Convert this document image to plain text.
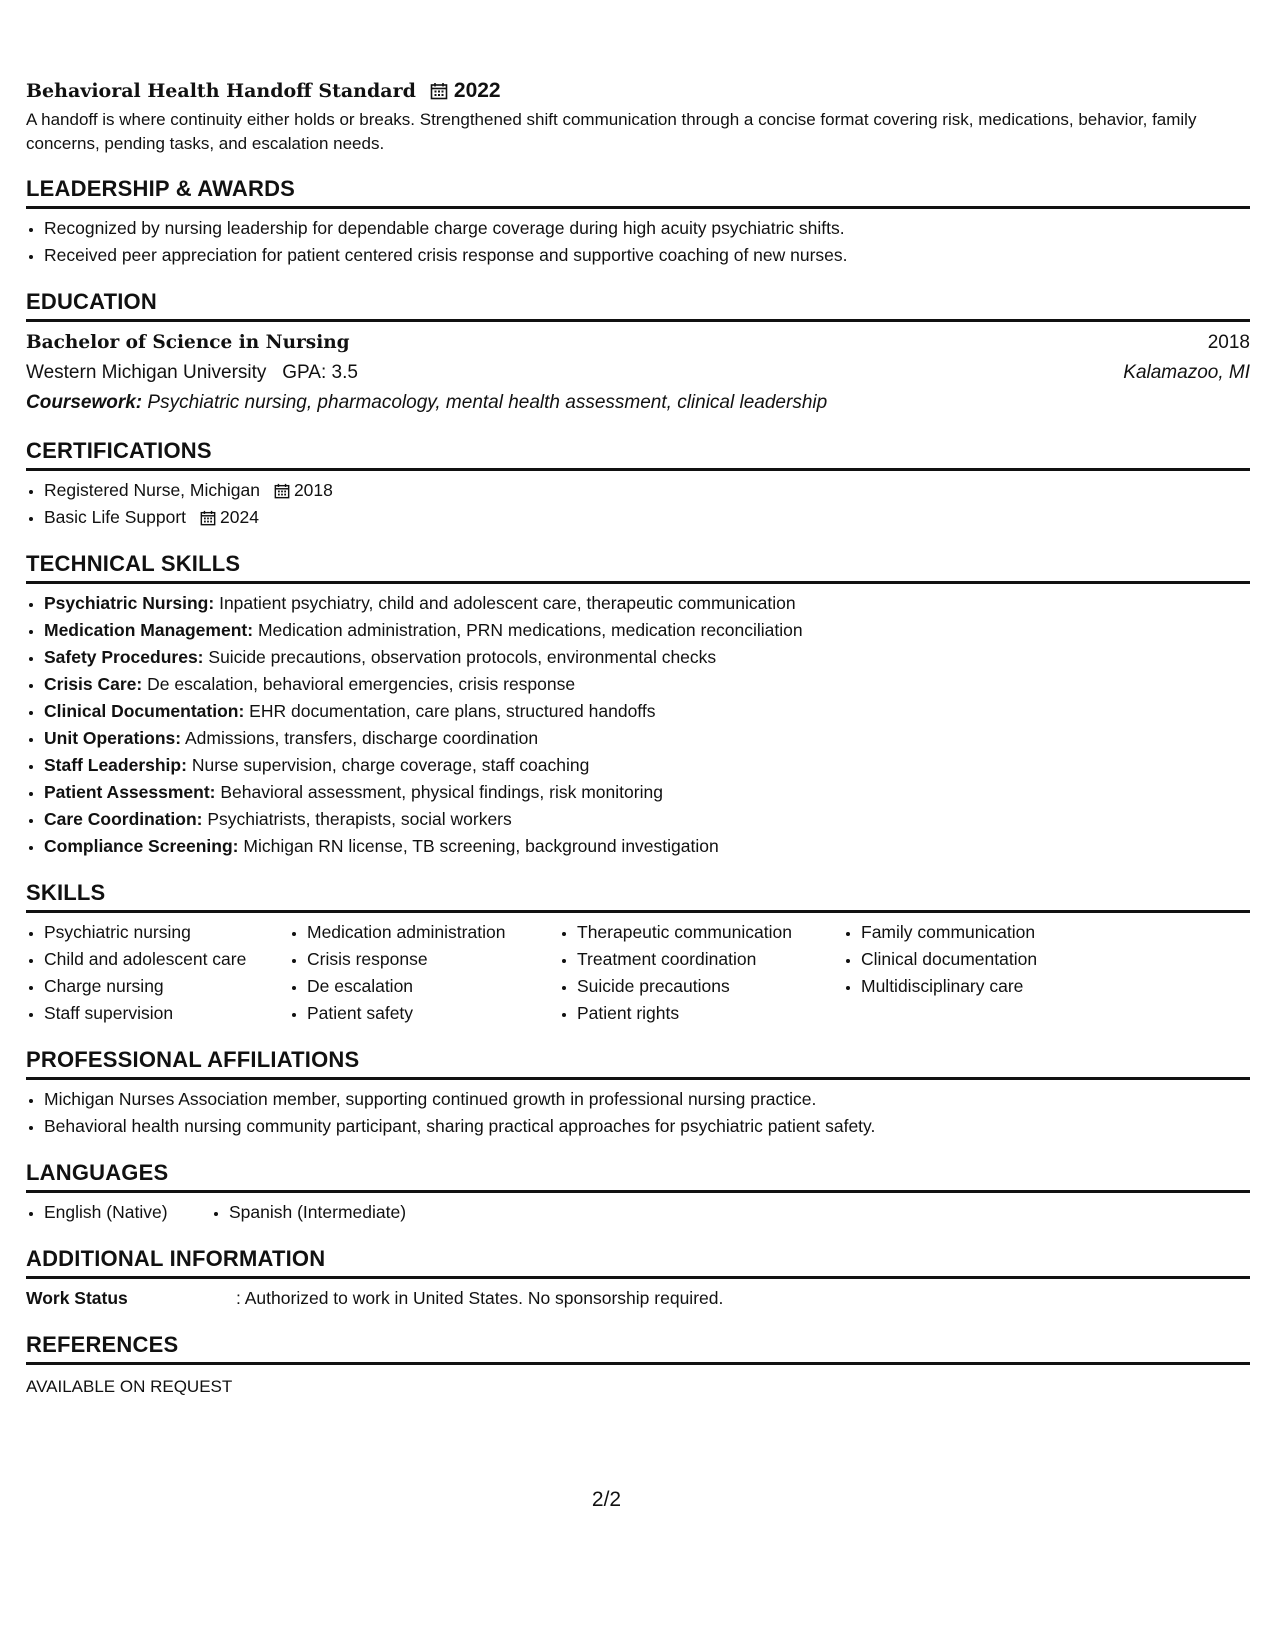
Behavioral Health Handoff Standard 2022
A handoff is where continuity either holds or breaks. Strengthened shift communication through a concise format covering risk, medications, behavior, family concerns, pending tasks, and escalation needs.
LEADERSHIP & AWARDS
• Recognized by nursing leadership for dependable charge coverage during high acuity psychiatric shifts.
• Received peer appreciation for patient centered crisis response and supportive coaching of new nurses.
EDUCATION
Bachelor of Science in Nursing	2018
Western Michigan University GPA: 3.5	Kalamazoo, MI
Coursework: Psychiatric nursing, pharmacology, mental health assessment, clinical leadership
CERTIFICATIONS
• Registered Nurse, Michigan 2018
• Basic Life Support 2024
TECHNICAL SKILLS
• Psychiatric Nursing: Inpatient psychiatry, child and adolescent care, therapeutic communication
• Medication Management: Medication administration, PRN medications, medication reconciliation
• Safety Procedures: Suicide precautions, observation protocols, environmental checks
• Crisis Care: De escalation, behavioral emergencies, crisis response
• Clinical Documentation: EHR documentation, care plans, structured handoffs
• Unit Operations: Admissions, transfers, discharge coordination
• Staff Leadership: Nurse supervision, charge coverage, staff coaching
• Patient Assessment: Behavioral assessment, physical findings, risk monitoring
• Care Coordination: Psychiatrists, therapists, social workers
• Compliance Screening: Michigan RN license, TB screening, background investigation
SKILLS
• Psychiatric nursing
• Child and adolescent care
• Charge nursing
• Staff supervision
• Medication administration
• Crisis response
• De escalation
• Patient safety
• Therapeutic communication
• Treatment coordination
• Suicide precautions
• Patient rights
• Family communication
• Clinical documentation
• Multidisciplinary care
PROFESSIONAL AFFILIATIONS
• Michigan Nurses Association member, supporting continued growth in professional nursing practice.
• Behavioral health nursing community participant, sharing practical approaches for psychiatric patient safety.
LANGUAGES
• English (Native)
•	Spanish (Intermediate)
ADDITIONAL INFORMATION
Work Status	: Authorized to work in United States. No sponsorship required.
REFERENCES
AVAILABLE ON REQUEST
2/2
